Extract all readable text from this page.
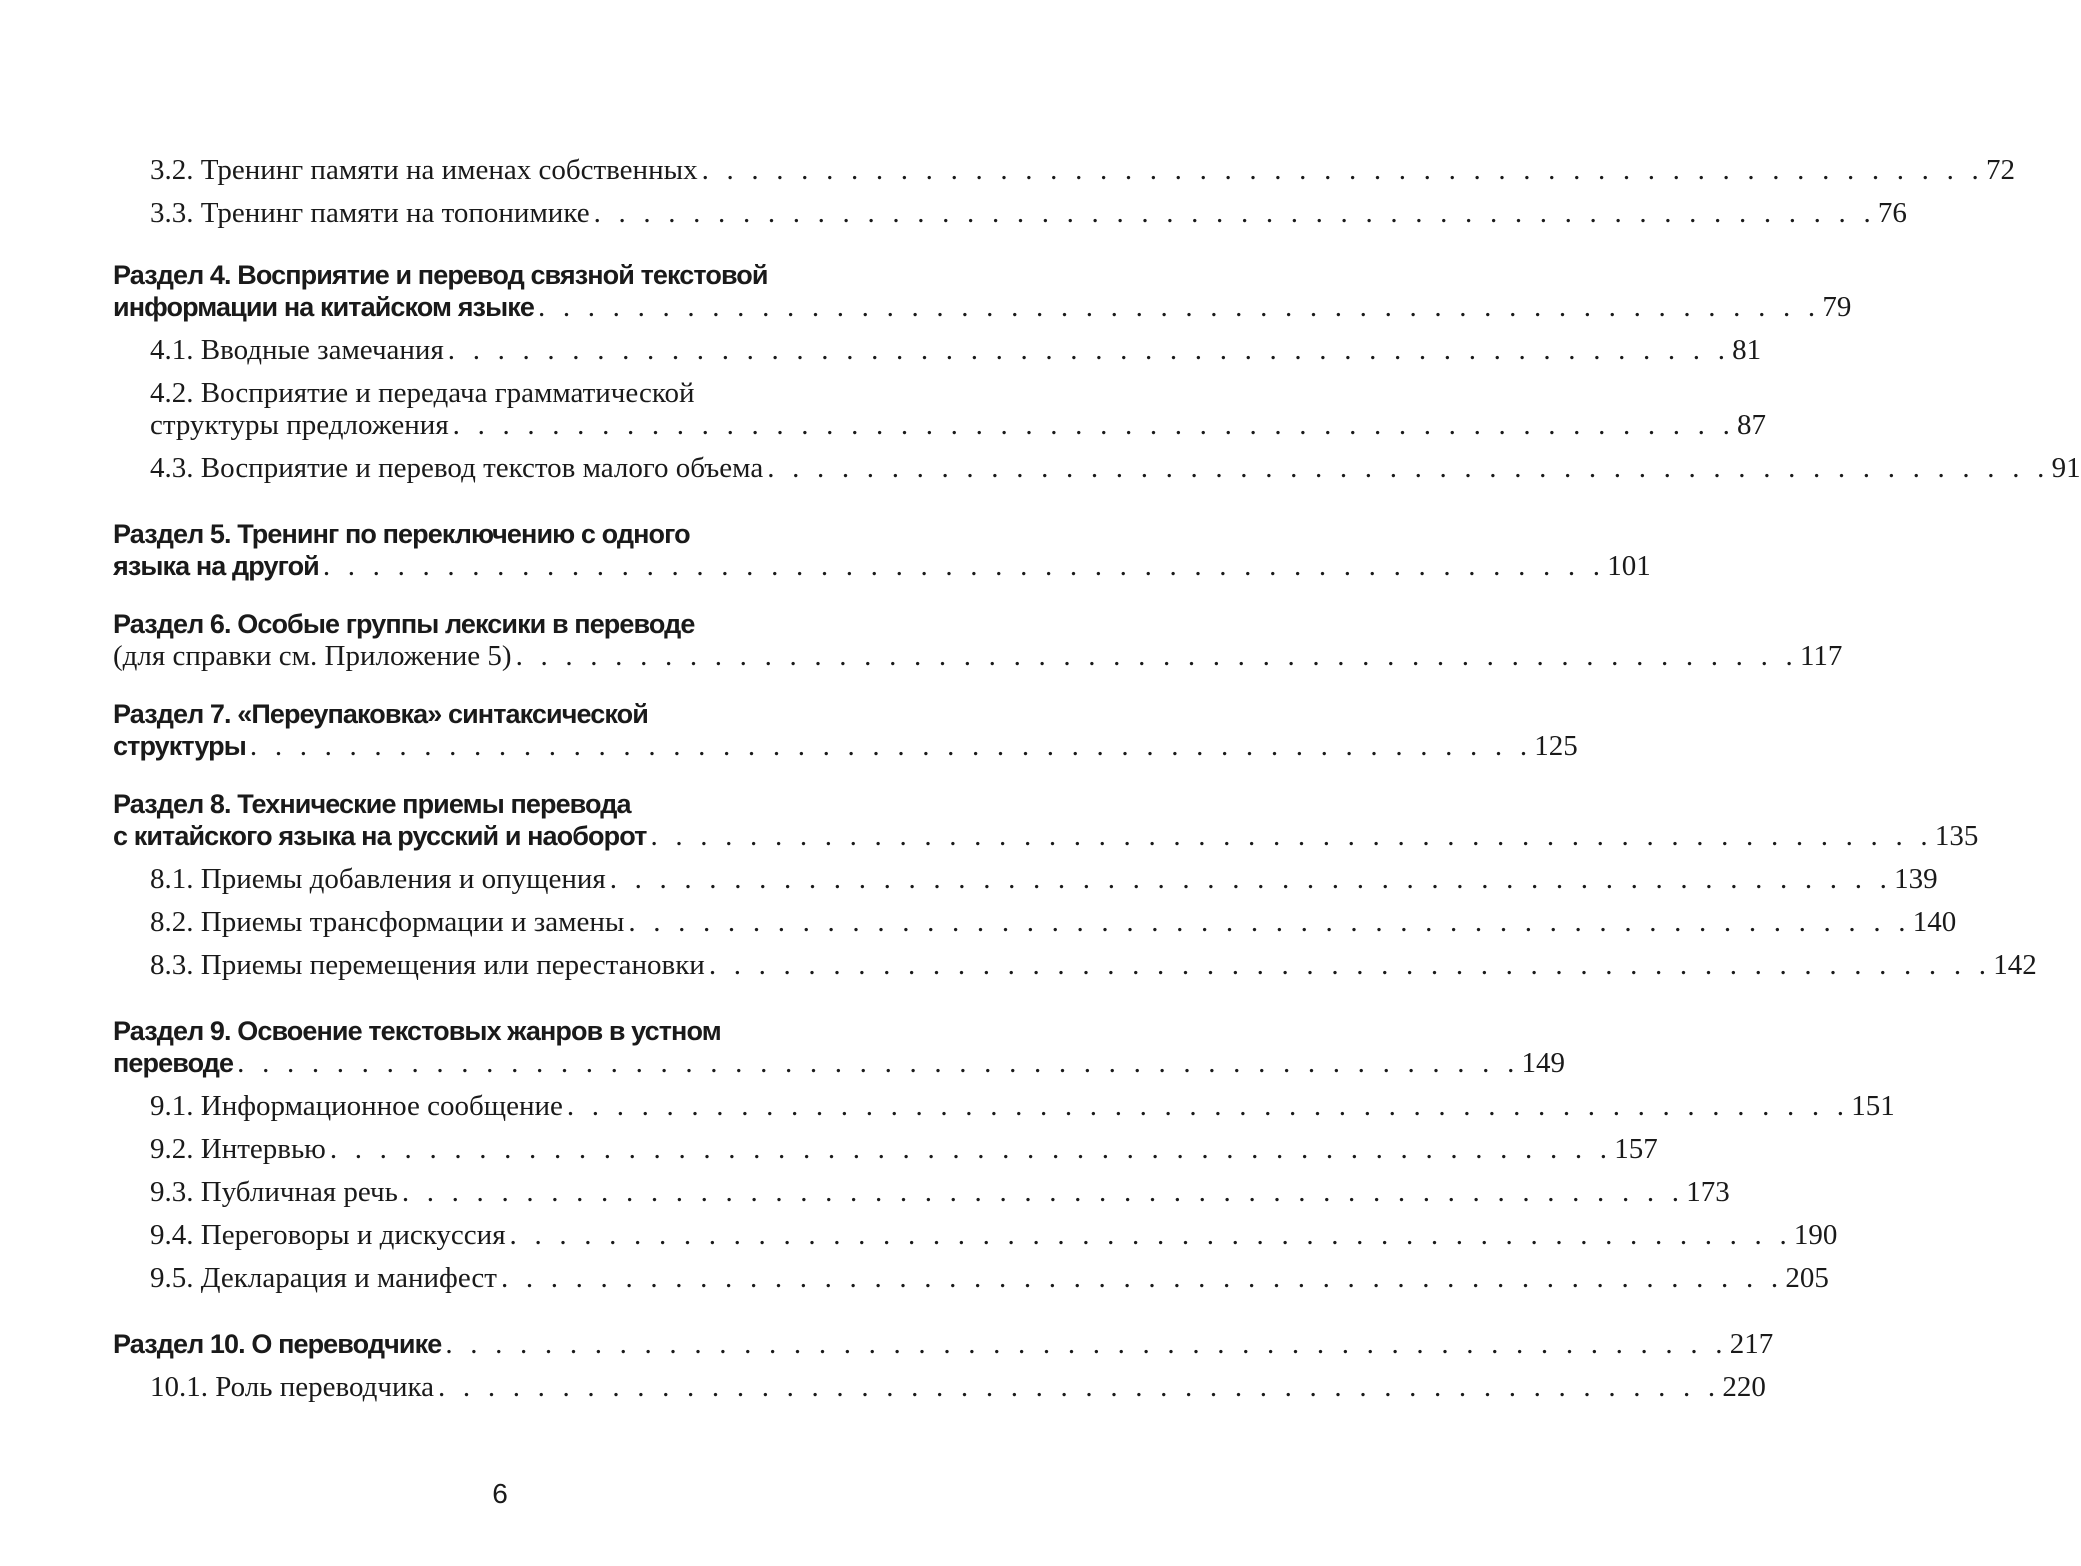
3.2. Тренинг памяти на именах собственных . . . . . . . . . . . . . . . . . . . . . . . . . . . . . . . . . . . . . . . . . . . . . . . . . . . . 72
3.3. Тренинг памяти на топонимике . . . . . . . . . . . . . . . . . . . . . . . . . . . . . . . . . . . . . . . . . . . . . . . . . . . . 76
Раздел 4. Восприятие и перевод связной текстовой
информации на китайском языке . . . . . . . . . . . . . . . . . . . . . . . . . . . . . . . . . . . . . . . . . . . . . . . . . . . . 79
4.1. Вводные замечания . . . . . . . . . . . . . . . . . . . . . . . . . . . . . . . . . . . . . . . . . . . . . . . . . . . . 81
4.2. Восприятие и передача грамматической
структуры предложения . . . . . . . . . . . . . . . . . . . . . . . . . . . . . . . . . . . . . . . . . . . . . . . . . . . . 87
4.3. Восприятие и перевод текстов малого объема . . . . . . . . . . . . . . . . . . . . . . . . . . . . . . . . . . . . . . . . . . . . . . . . . . . . 91
Раздел 5. Тренинг по переключению с одного
языка на другой . . . . . . . . . . . . . . . . . . . . . . . . . . . . . . . . . . . . . . . . . . . . . . . . . . . . 101
Раздел 6. Особые группы лексики в переводе
(для справки см. Приложение 5) . . . . . . . . . . . . . . . . . . . . . . . . . . . . . . . . . . . . . . . . . . . . . . . . . . . . 117
Раздел 7. «Переупаковка» синтаксической
структуры . . . . . . . . . . . . . . . . . . . . . . . . . . . . . . . . . . . . . . . . . . . . . . . . . . . . 125
Раздел 8. Технические приемы перевода
с китайского языка на русский и наоборот . . . . . . . . . . . . . . . . . . . . . . . . . . . . . . . . . . . . . . . . . . . . . . . . . . . . 135
8.1. Приемы добавления и опущения . . . . . . . . . . . . . . . . . . . . . . . . . . . . . . . . . . . . . . . . . . . . . . . . . . . . 139
8.2. Приемы трансформации и замены . . . . . . . . . . . . . . . . . . . . . . . . . . . . . . . . . . . . . . . . . . . . . . . . . . . . 140
8.3. Приемы перемещения или перестановки . . . . . . . . . . . . . . . . . . . . . . . . . . . . . . . . . . . . . . . . . . . . . . . . . . . . 142
Раздел 9. Освоение текстовых жанров в устном
переводе . . . . . . . . . . . . . . . . . . . . . . . . . . . . . . . . . . . . . . . . . . . . . . . . . . . . 149
9.1. Информационное сообщение . . . . . . . . . . . . . . . . . . . . . . . . . . . . . . . . . . . . . . . . . . . . . . . . . . . . 151
9.2. Интервью . . . . . . . . . . . . . . . . . . . . . . . . . . . . . . . . . . . . . . . . . . . . . . . . . . . . 157
9.3. Публичная речь . . . . . . . . . . . . . . . . . . . . . . . . . . . . . . . . . . . . . . . . . . . . . . . . . . . . 173
9.4. Переговоры и дискуссия . . . . . . . . . . . . . . . . . . . . . . . . . . . . . . . . . . . . . . . . . . . . . . . . . . . . 190
9.5. Декларация и манифест . . . . . . . . . . . . . . . . . . . . . . . . . . . . . . . . . . . . . . . . . . . . . . . . . . . . 205
Раздел 10. О переводчике . . . . . . . . . . . . . . . . . . . . . . . . . . . . . . . . . . . . . . . . . . . . . . . . . . . . 217
10.1. Роль переводчика . . . . . . . . . . . . . . . . . . . . . . . . . . . . . . . . . . . . . . . . . . . . . . . . . . . . 220
6
